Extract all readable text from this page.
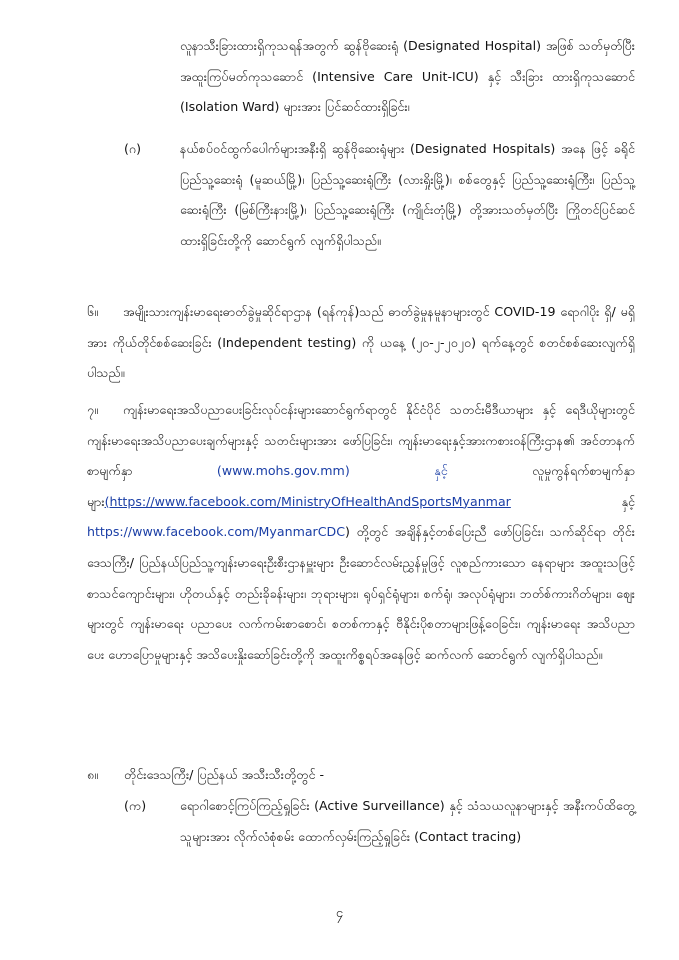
လူနာသီးခြားထားရှိကုသရန်အတွက် ဆွန်ဗိုဆေးရုံ (Designated Hospital) အဖြစ် သတ်မှတ်ပြီး အထူးကြပ်မတ်ကုသဆောင် (Intensive Care Unit-ICU) နှင့် သီးခြား ထားရှိကုသဆောင် (Isolation Ward) များအား ပြင်ဆင်ထားရှိခြင်း၊
(ဂ)	နယ်စပ်ဝင်ထွက်ပေါက်များအနီးရှိ ဆွန်ဗိုဆေးရုံများ (Designated Hospitals) အနေ ဖြင့် ခရိုင်ပြည်သူ့ဆေးရုံ (မူဆယ်မြို့)၊ ပြည်သူ့ဆေးရုံကြီး (လားရှိုးမြို့)၊ စစ်တွေနှင့် ပြည်သူ့ဆေးရုံကြီး၊ ပြည်သူ့ဆေးရုံကြီး (မြစ်ကြီးနားမြို့)၊ ပြည်သူ့ဆေးရုံကြီး (ကျိုင်းတုံမြို့) တို့အားသတ်မှတ်ပြီး ကြိုတင်ပြင်ဆင်ထားရှိခြင်းတို့ကို ဆောင်ရွက် လျက်ရှိပါသည်။
၆။	အမျိုးသားကျန်းမာရေးဓာတ်ခွဲမှုဆိုင်ရာဌာန (ရန်ကုန်)သည် ဓာတ်ခွဲမှုနမူနာများတွင် COVID-19 ရောဂါပိုး ရှိ/ မရှိအား ကိုယ်တိုင်စစ်ဆေးခြင်း (Independent testing) ကို ယနေ့ (၂၀-၂-၂၀၂၀) ရက်နေ့တွင် စတင်စစ်ဆေးလျက်ရှိပါသည်။
၇။	ကျန်းမာရေးအသိပညာပေးခြင်းလုပ်ငန်းများဆောင်ရွက်ရာတွင် နိုင်ငံပိုင် သတင်းမီဒီယာများ နှင့် ရေဒီယိုများတွင် ကျန်းမာရေးအသိပညာပေးချက်များနှင့် သတင်းများအား ဖော်ပြခြင်း၊ ကျန်းမာရေးနှင့်အားကစားဝန်ကြီးဌာန၏ အင်တာနက်စာမျက်နှာ (www.mohs.gov.mm) နှင့် လူမှုကွန်ရက်စာမျက်နှာများ(https://www.facebook.com/MinistryOfHealthAndSportsMyanmar နှင့် https://www.facebook.com/MyanmarCDC) တို့တွင် အချိန်နှင့်တစ်ပြေးညီ ဖော်ပြခြင်း၊ သက်ဆိုင်ရာ တိုင်းဒေသကြီး/ ပြည်နယ်ပြည်သူ့ကျန်းမာရေးဦးစီးဌာနမှူးများ ဦးဆောင်လမ်းညွှန်မှုဖြင့် လူစည်ကားသော နေရာများ အထူးသဖြင့် စာသင်ကျောင်းများ၊ ဟိုတယ်နှင့် တည်းခိုခန်းများ၊ ဘုရားများ၊ ရုပ်ရှင်ရုံများ၊ စက်ရုံ၊ အလုပ်ရုံများ၊ ဘတ်စ်ကားဂိတ်များ၊ ဈေးများတွင် ကျန်းမာရေး ပညာပေး လက်ကမ်းစာစောင်၊ စတစ်ကာနှင့် ဗီနိုင်းပိုစတာများဖြန့်ဝေခြင်း၊ ကျန်းမာရေး အသိပညာပေး ဟောပြောမှုများနှင့် အသိပေးနှိုးဆော်ခြင်းတို့ကို အထူးကိစ္စရပ်အနေဖြင့် ဆက်လက် ဆောင်ရွက် လျက်ရှိပါသည်။
၈။ တိုင်းဒေသကြီး/ ပြည်နယ် အသီးသီးတို့တွင် -
(က)	ရောဂါစောင့်ကြပ်ကြည့်ရှုခြင်း (Active Surveillance) နှင့် သံသယလူနာများနှင့် အနီးကပ်ထိတွေ့သူများအား လိုက်လံစုံစမ်း ထောက်လှမ်းကြည့်ရှုခြင်း (Contact tracing)
၄
